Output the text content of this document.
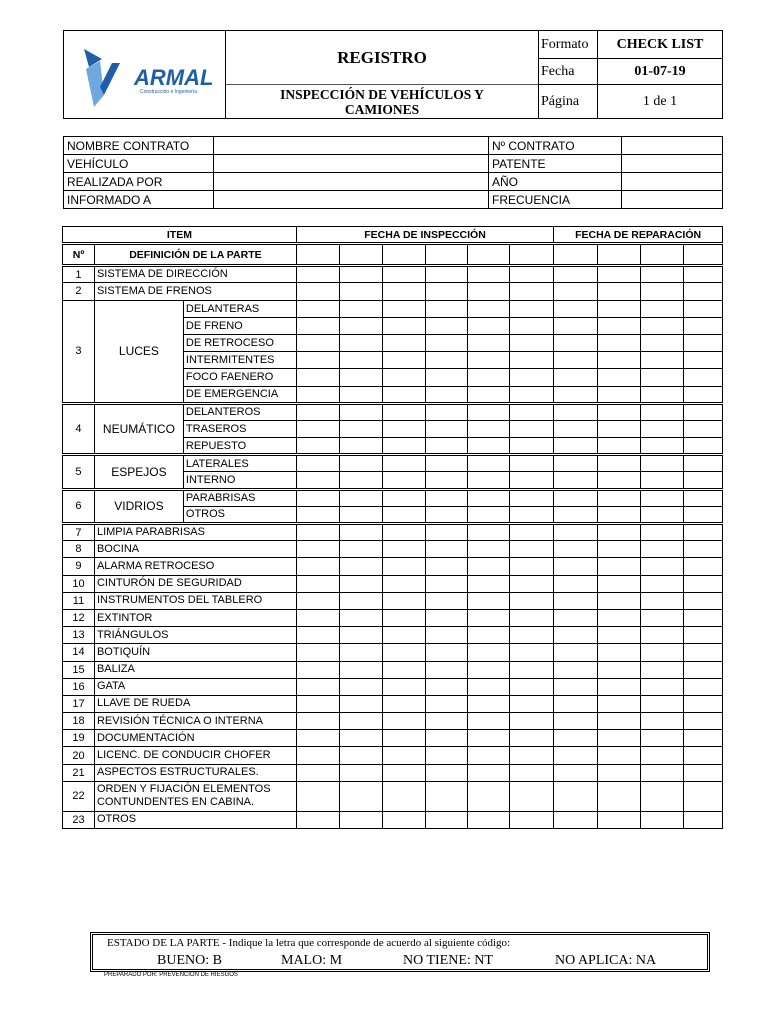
ARMAL
Construcción e Ingeniería	REGISTRO	Formato	CHECK LIST
		Fecha	01-07-19
	INSPECCIÓN DE VEHÍCULOS Y CAMIONES	Página	1 de 1
NOMBRE CONTRATO		Nº CONTRATO	
VEHÍCULO		PATENTE	
REALIZADA POR		AÑO	
INFORMADO A		FRECUENCIA	
ITEM			FECHA DE INSPECCIÓN						FECHA DE REPARACIÓN			
Nº	DEFINICIÓN DE LA PARTE											
1	SISTEMA DE DIRECCIÓN											
2	SISTEMA DE FRENOS											
3	LUCES	DELANTERAS										
		DE FRENO										
		DE RETROCESO										
		INTERMITENTES										
		FOCO FAENERO										
		DE EMERGENCIA										
4	NEUMÁTICO	DELANTEROS										
		TRASEROS										
		REPUESTO										
5	ESPEJOS	LATERALES										
		INTERNO										
6	VIDRIOS	PARABRISAS										
		OTROS										
7	LIMPIA PARABRISAS											
8	BOCINA											
9	ALARMA RETROCESO											
10	CINTURÓN DE SEGURIDAD											
11	INSTRUMENTOS DEL TABLERO											
12	EXTINTOR											
13	TRIÁNGULOS											
14	BOTIQUÍN											
15	BALIZA											
16	GATA											
17	LLAVE DE RUEDA											
18	REVISIÓN TÉCNICA O INTERNA											
19	DOCUMENTACIÓN											
20	LICENC. DE CONDUCIR CHOFER											
21	ASPECTOS ESTRUCTURALES.											
22	ORDEN Y FIJACIÓN ELEMENTOS CONTUNDENTES EN CABINA.											
23	OTROS											
ESTADO DE LA PARTE - Indique la letra que corresponde de acuerdo al siguiente código:
BUENO: B	MALO: M	NO TIENE: NT	NO APLICA: NA
PREPARADO POR: PREVENCION DE RIESGOS
